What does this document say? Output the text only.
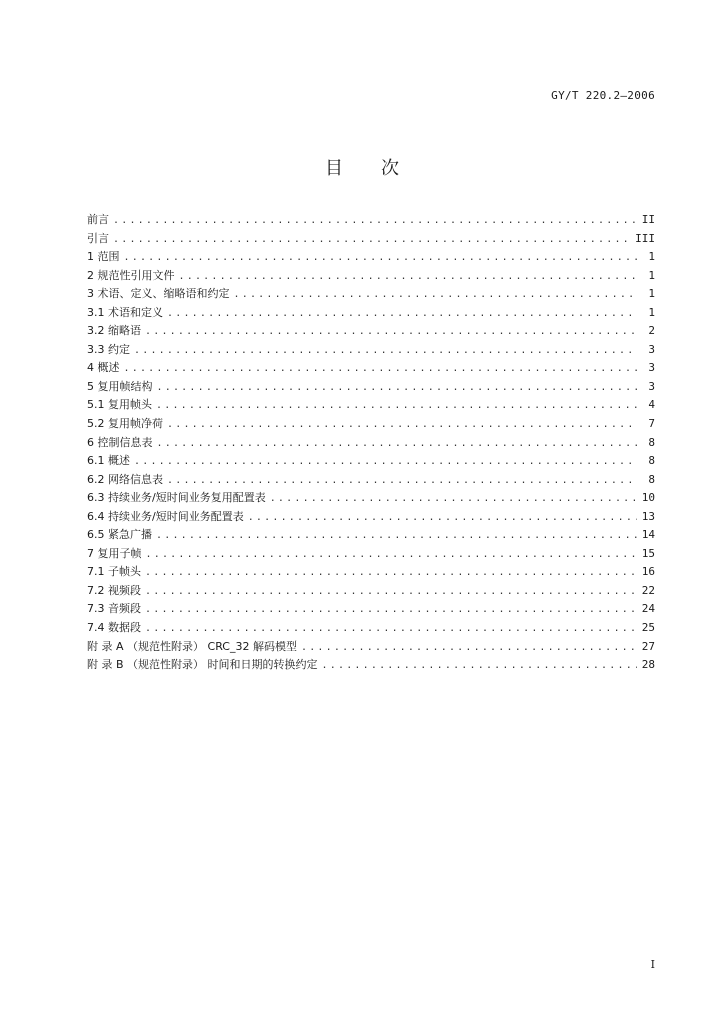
GY/T 220.2—2006
目次
前言 .....	II
引言 .....	III
1 范围 .....	1
2 规范性引用文件 .....	1
3 术语、定义、缩略语和约定 .....	1
3.1 术语和定义 .....	1
3.2 缩略语 .....	2
3.3 约定 .....	3
4 概述 .....	3
5 复用帧结构 .....	3
5.1 复用帧头 .....	4
5.2 复用帧净荷 .....	7
6 控制信息表 .....	8
6.1 概述 .....	8
6.2 网络信息表 .....	8
6.3 持续业务/短时间业务复用配置表 .....	10
6.4 持续业务/短时间业务配置表 .....	13
6.5 紧急广播 .....	14
7 复用子帧 .....	15
7.1 子帧头 .....	16
7.2 视频段 .....	22
7.3 音频段 .....	24
7.4 数据段 .....	25
附 录 A （规范性附录） CRC_32 解码模型 .....	27
附 录 B （规范性附录） 时间和日期的转换约定 .....	28
I
